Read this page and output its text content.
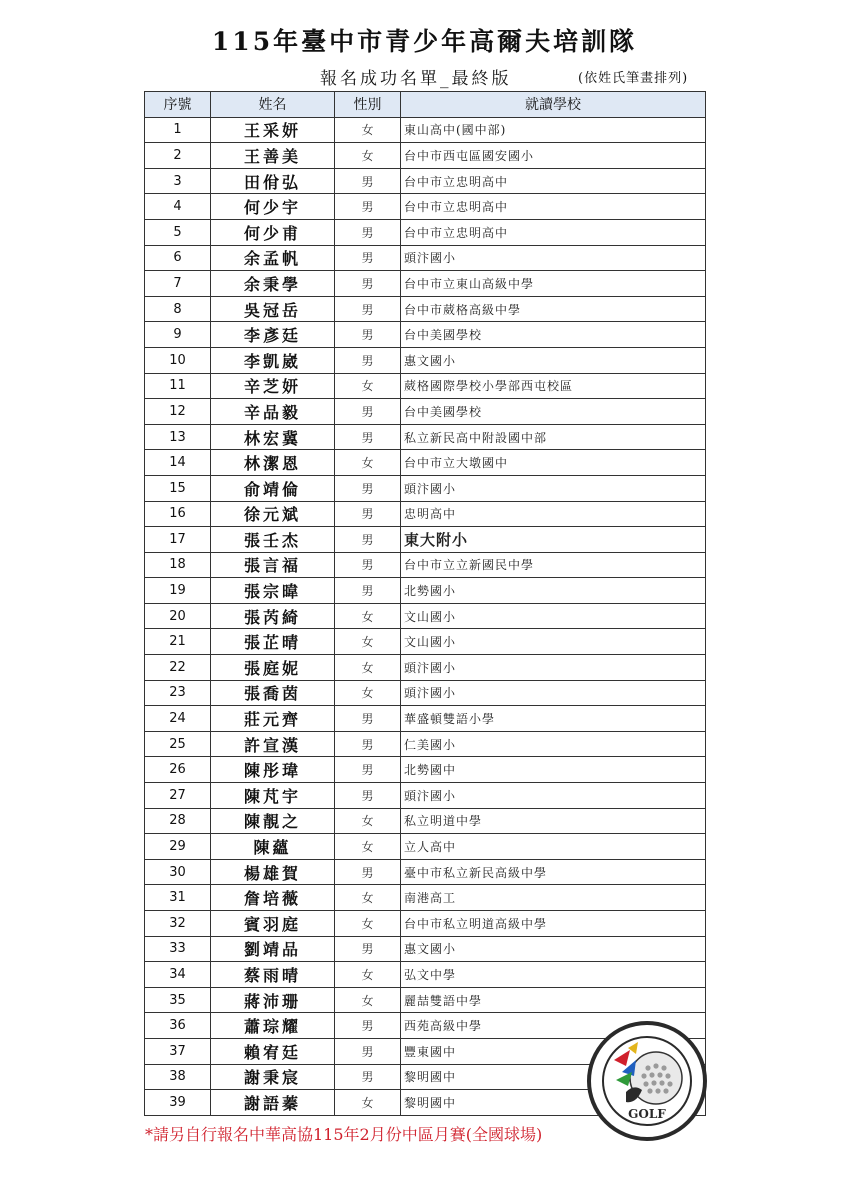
115年臺中市青少年高爾夫培訓隊
報名成功名單_最終版	(依姓氏筆畫排列)
序號	姓名	性別	就讀學校
1	王采妍	女	東山高中(國中部)
2	王善美	女	台中市西屯區國安國小
3	田佾弘	男	台中市立忠明高中
4	何少宇	男	台中市立忠明高中
5	何少甫	男	台中市立忠明高中
6	余孟帆	男	頭汴國小
7	余秉學	男	台中市立東山高級中學
8	吳冠岳	男	台中市葳格高級中學
9	李彥廷	男	台中美國學校
10	李凱崴	男	惠文國小
11	辛芝妍	女	葳格國際學校小學部西屯校區
12	辛品毅	男	台中美國學校
13	林宏冀	男	私立新民高中附設國中部
14	林潔恩	女	台中市立大墩國中
15	俞靖倫	男	頭汴國小
16	徐元斌	男	忠明高中
17	張壬杰	男	東大附小
18	張言福	男	台中市立立新國民中學
19	張宗暐	男	北勢國小
20	張芮綺	女	文山國小
21	張芷晴	女	文山國小
22	張庭妮	女	頭汴國小
23	張喬茵	女	頭汴國小
24	莊元齊	男	華盛頓雙語小學
25	許宣漢	男	仁美國小
26	陳彤瑋	男	北勢國中
27	陳芃宇	男	頭汴國小
28	陳靚之	女	私立明道中學
29	陳蘊	女	立人高中
30	楊雄賀	男	臺中市私立新民高級中學
31	詹培薇	女	南港高工
32	賓羽庭	女	台中市私立明道高級中學
33	劉靖品	男	惠文國小
34	蔡雨晴	女	弘文中學
35	蔣沛珊	女	麗喆雙語中學
36	蕭琮耀	男	西苑高級中學
37	賴宥廷	男	豐東國中
38	謝秉宸	男	黎明國中
39	謝語蓁	女	黎明國中
*請另自行報名中華高協115年2月份中區月賽(全國球場)
GOLF
